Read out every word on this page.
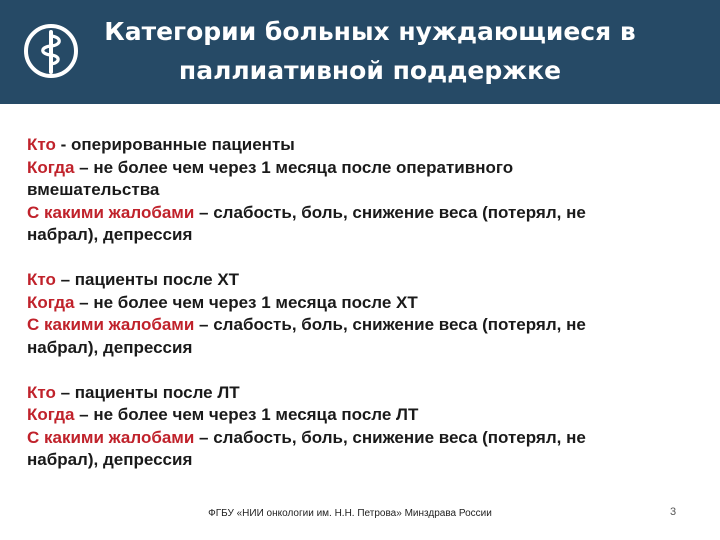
Категории больных нуждающиеся в
паллиативной поддержке
Кто - оперированные пациенты
Когда – не более чем через 1 месяца после оперативного
вмешательства
С какими жалобами – слабость, боль, снижение веса (потерял, не
набрал), депрессия
Кто – пациенты после ХТ
Когда – не более чем через 1 месяца после ХТ
С какими жалобами – слабость, боль, снижение веса (потерял, не
набрал), депрессия
Кто – пациенты после ЛТ
Когда – не более чем через 1 месяца после ЛТ
С какими жалобами – слабость, боль, снижение веса (потерял, не
набрал), депрессия
ФГБУ «НИИ онкологии им. Н.Н. Петрова» Минздрава России	3
